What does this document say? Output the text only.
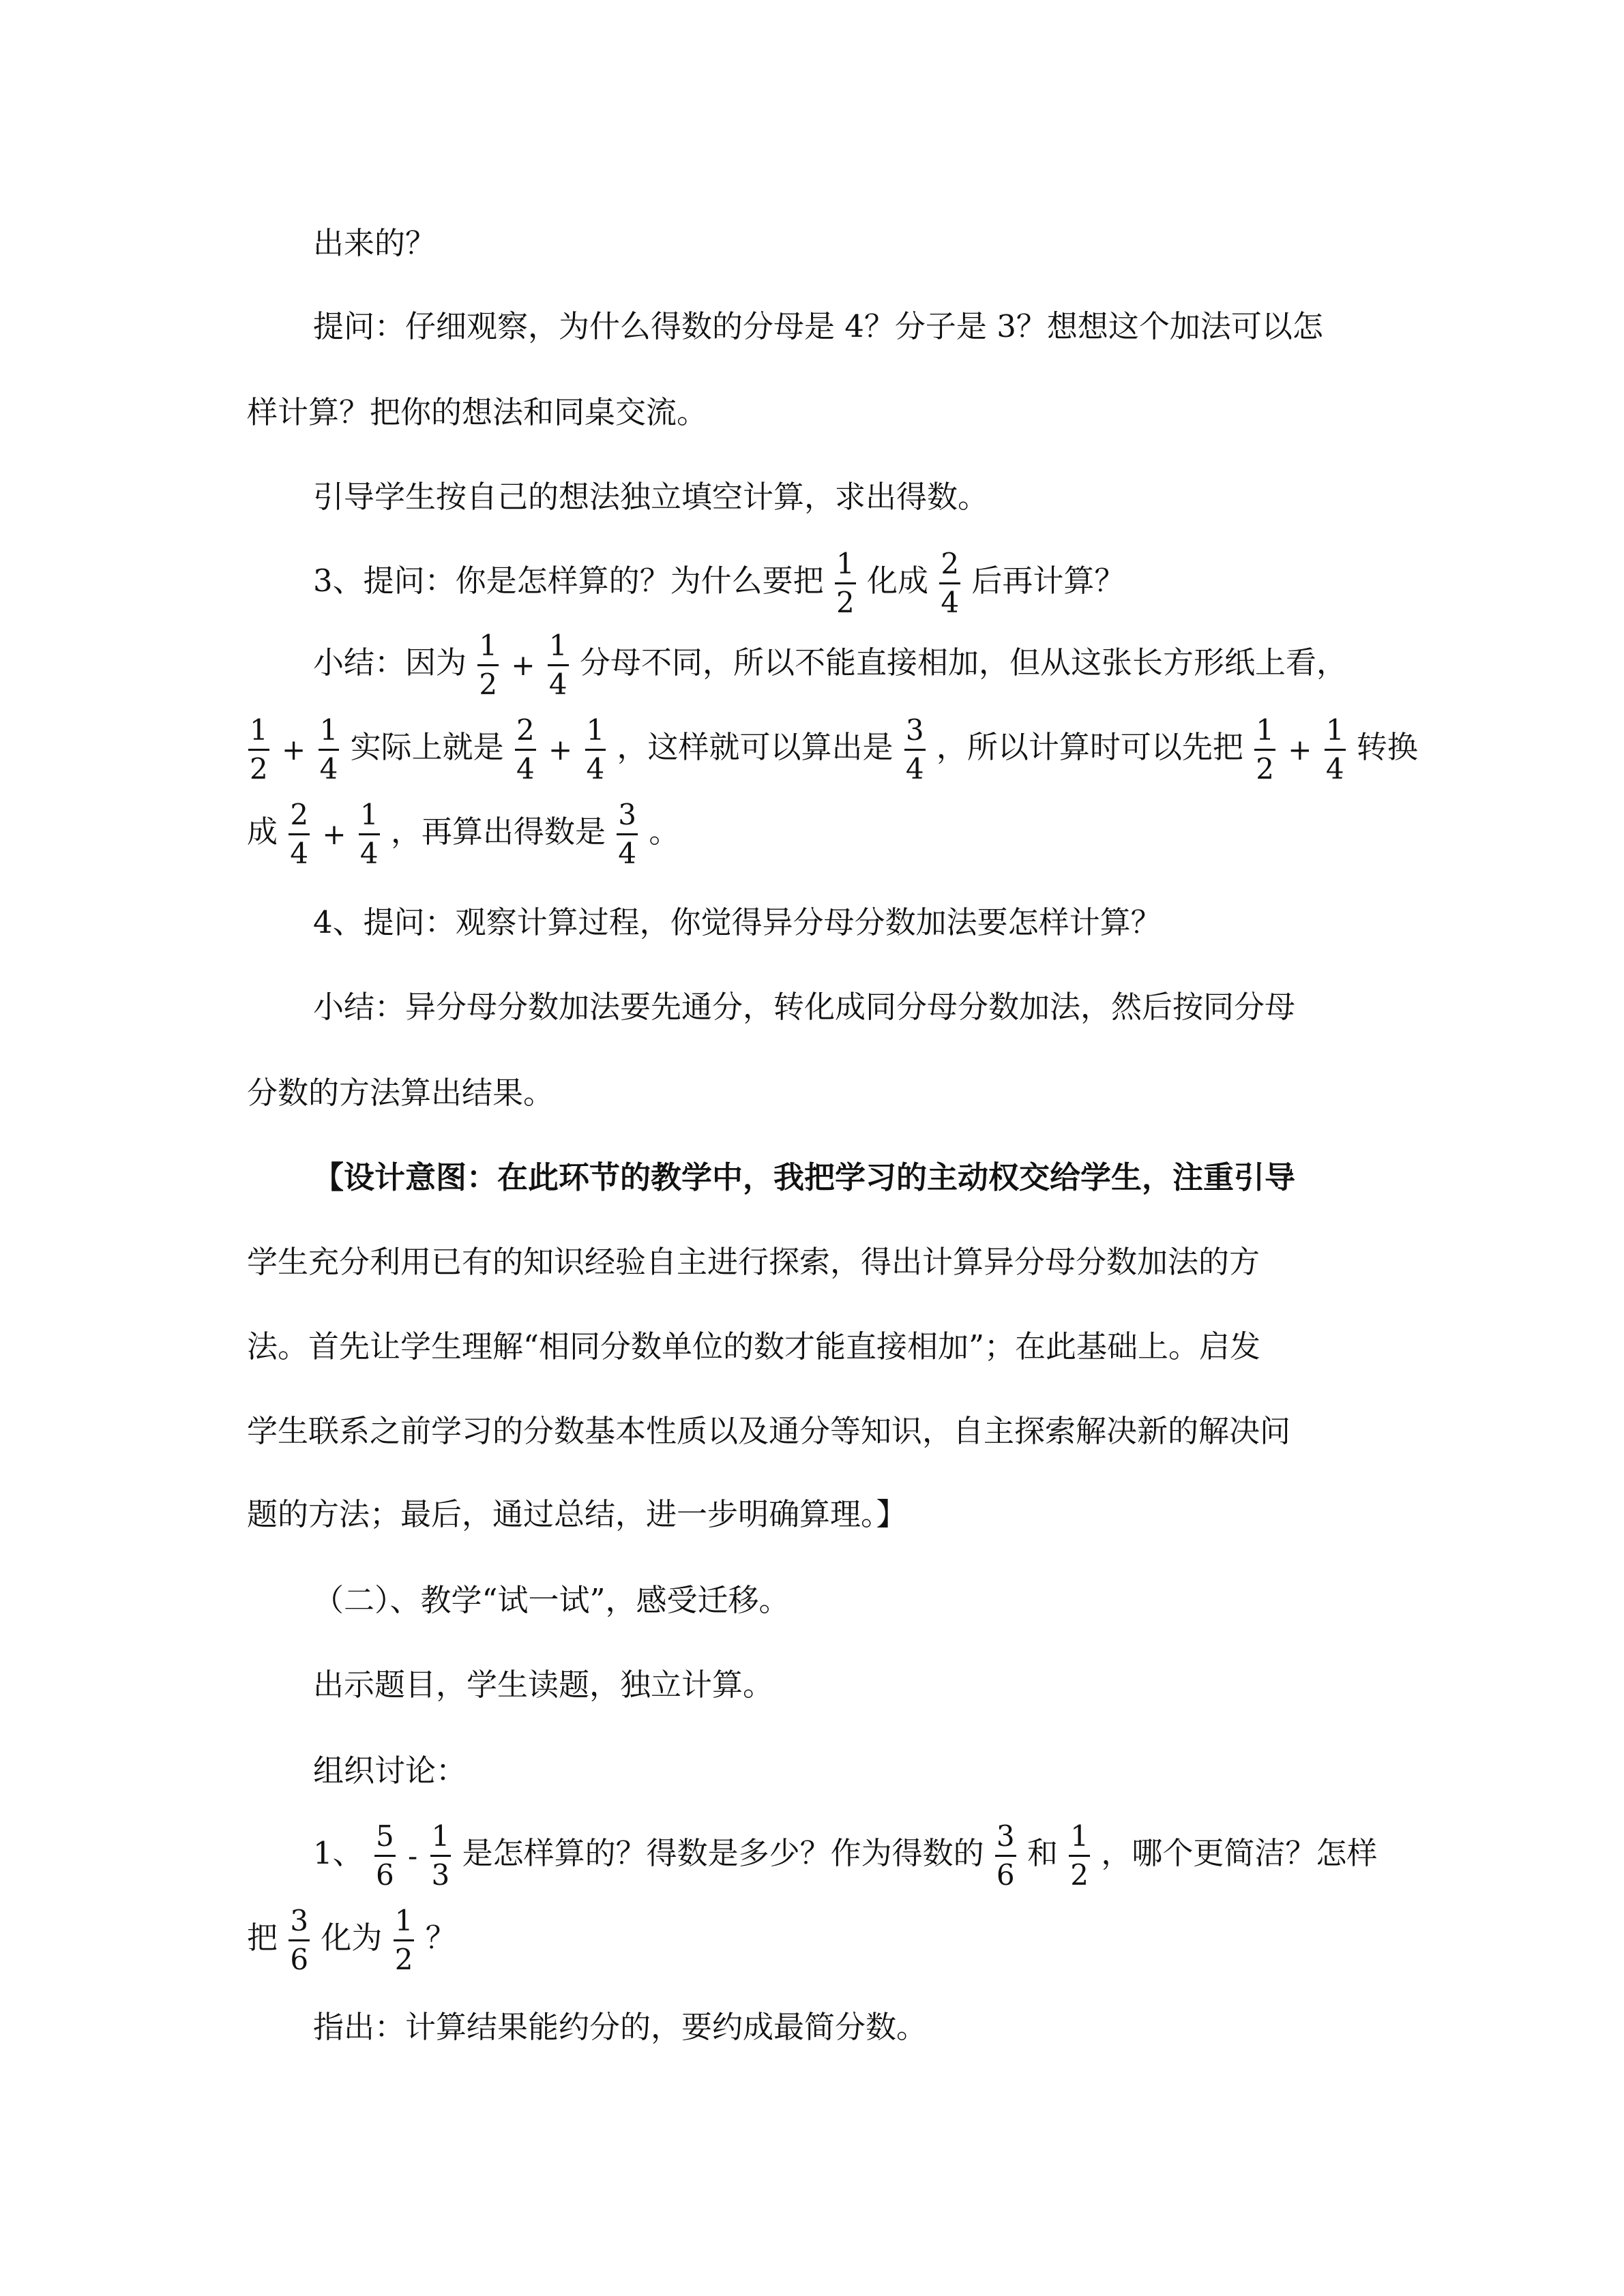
出来的？
提问：仔细观察，为什么得数的分母是 4？分子是 3？想想这个加法可以怎
样计算？把你的想法和同桌交流。
引导学生按自己的想法独立填空计算，求出得数。
3、提问：你是怎样算的？为什么要把 $\frac{1}{2}$ 化成 $\frac{2}{4}$ 后再计算？
小结：因为 $\frac{1}{2} + \frac{1}{4}$ 分母不同，所以不能直接相加，但从这张长方形纸上看，
$\frac{1}{2} + \frac{1}{4}$ 实际上就是 $\frac{2}{4} + \frac{1}{4}$ ，这样就可以算出是 $\frac{3}{4}$ ，所以计算时可以先把 $\frac{1}{2} + \frac{1}{4}$ 转换
成 $\frac{2}{4} + \frac{1}{4}$ ，再算出得数是 $\frac{3}{4}$ 。
4、提问：观察计算过程，你觉得异分母分数加法要怎样计算？
小结：异分母分数加法要先通分，转化成同分母分数加法，然后按同分母
分数的方法算出结果。
【设计意图：在此环节的教学中，我把学习的主动权交给学生，注重引导
学生充分利用已有的知识经验自主进行探索，得出计算异分母分数加法的方
法。首先让学生理解“相同分数单位的数才能直接相加”；在此基础上。启发
学生联系之前学习的分数基本性质以及通分等知识，自主探索解决新的解决问
题的方法；最后，通过总结，进一步明确算理。】
（二）、教学“试一试”，感受迁移。
出示题目，学生读题，独立计算。
组织讨论：
1、 $\frac{5}{6} - \frac{1}{3}$ 是怎样算的？得数是多少？作为得数的 $\frac{3}{6}$ 和 $\frac{1}{2}$ ，哪个更简洁？怎样
把 $\frac{3}{6}$ 化为 $\frac{1}{2}$ ？
指出：计算结果能约分的，要约成最简分数。
